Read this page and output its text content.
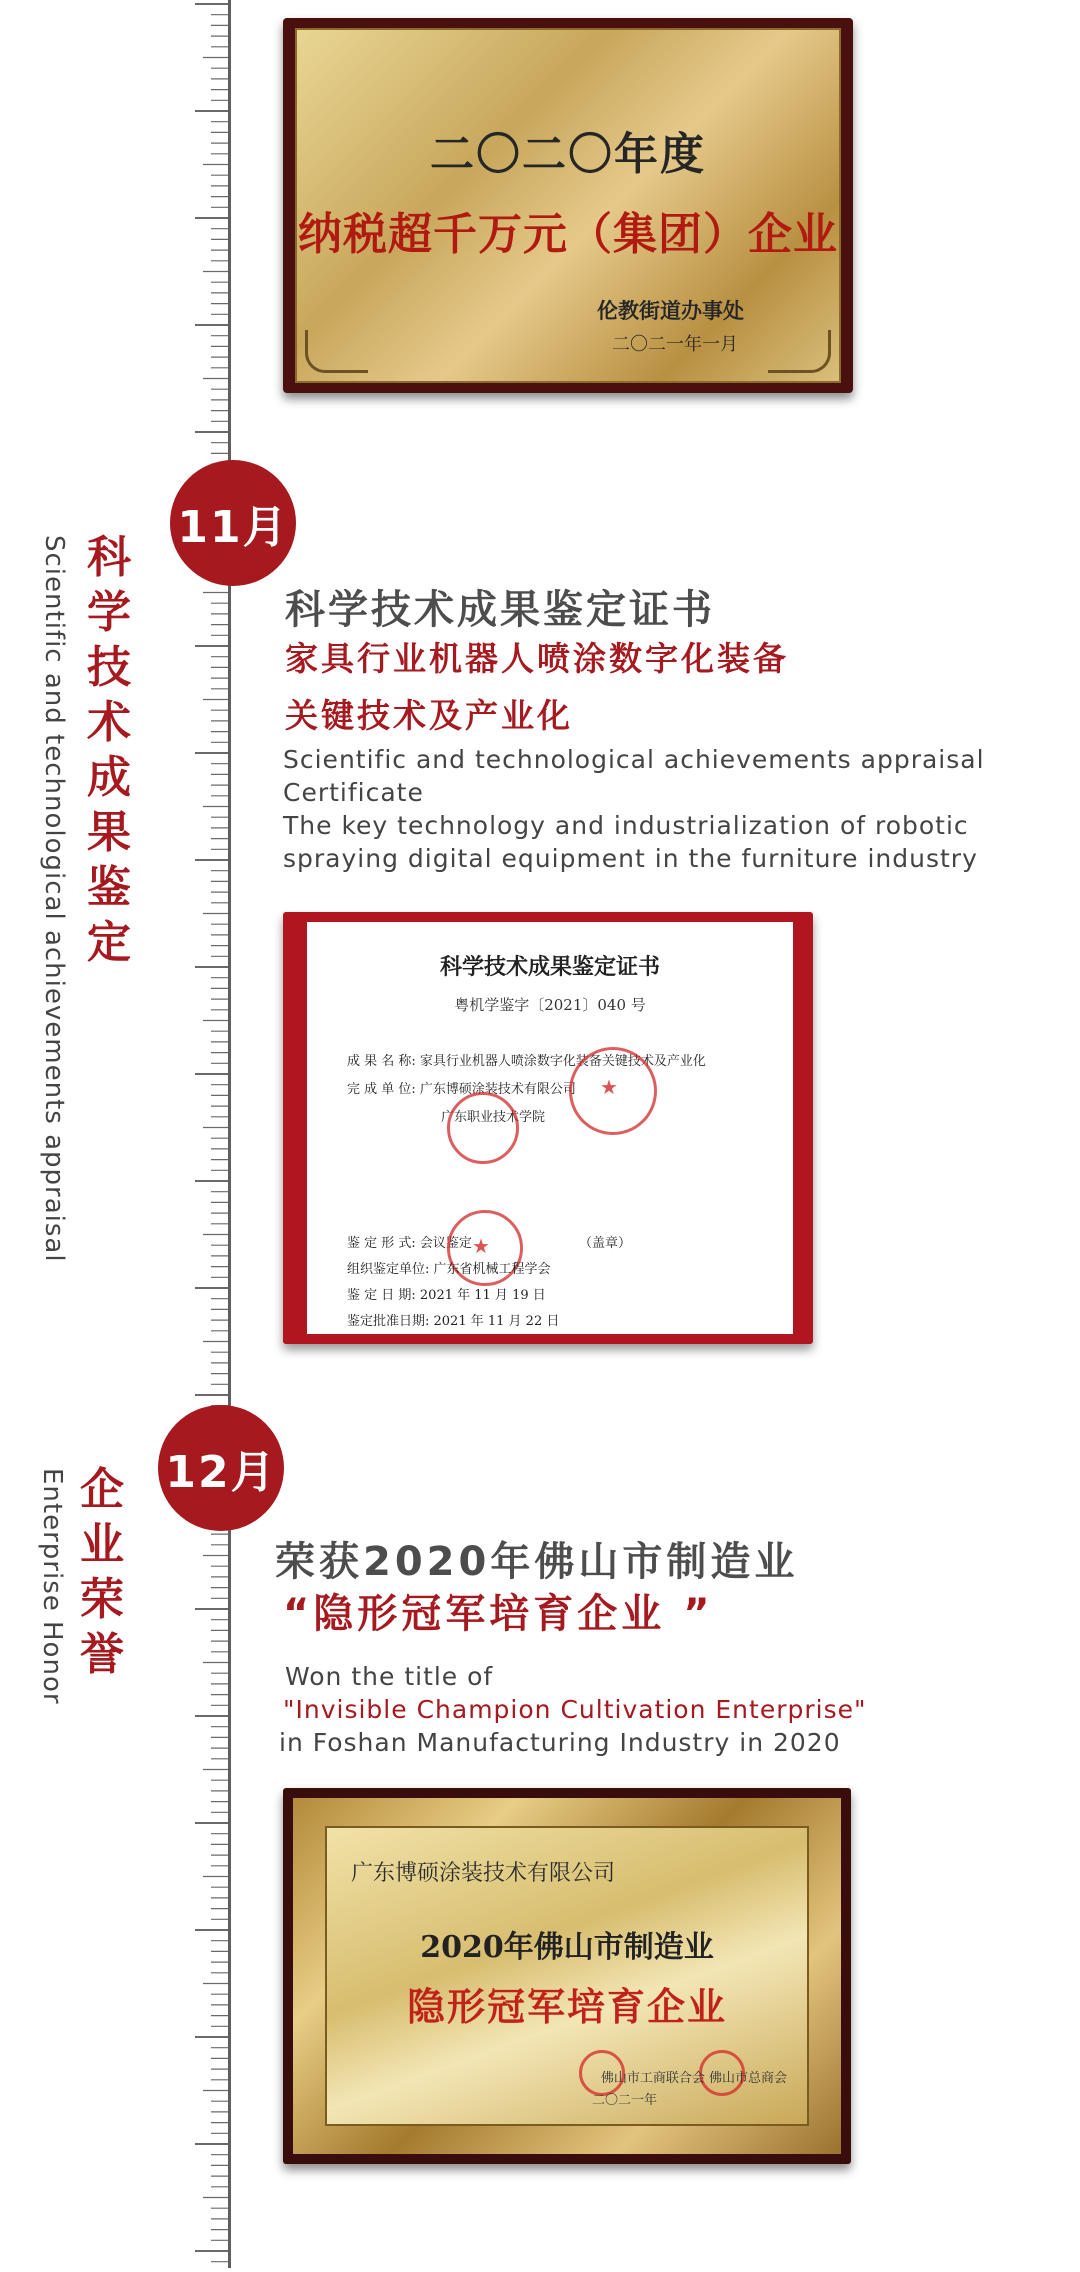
二〇二〇年度
纳税超千万元（集团）企业
伦教街道办事处
二〇二一年一月
11月
科
学
技
术
成
果
鉴
定
Scientific and technological achievements appraisal	科学技术成果鉴定证书
家具行业机器人喷涂数字化装备
关键技术及产业化
Scientific and technological achievements appraisal
Certificate
The key technology and industrialization of robotic
spraying digital equipment in the furniture industry
科学技术成果鉴定证书
粤机学鉴字〔2021〕040 号
成 果 名 称: 家具行业机器人喷涂数字化装备关键技术及产业化
完 成 单 位: 广东博硕涂装技术有限公司
广东职业技术学院
★
鉴 定 形 式: 会议鉴定	（盖章）
★
组织鉴定单位: 广东省机械工程学会
鉴 定 日 期: 2021 年 11 月 19 日
鉴定批准日期: 2021 年 11 月 22 日
12月
企
业
荣
誉
Enterprise Honor	荣获2020年佛山市制造业
“隐形冠军培育企业 ”
Won the title of
"Invisible Champion Cultivation Enterprise"
in Foshan Manufacturing Industry in 2020
广东博硕涂装技术有限公司
2020年佛山市制造业
隐形冠军培育企业
佛山市工商联合会 佛山市总商会
二〇二一年
